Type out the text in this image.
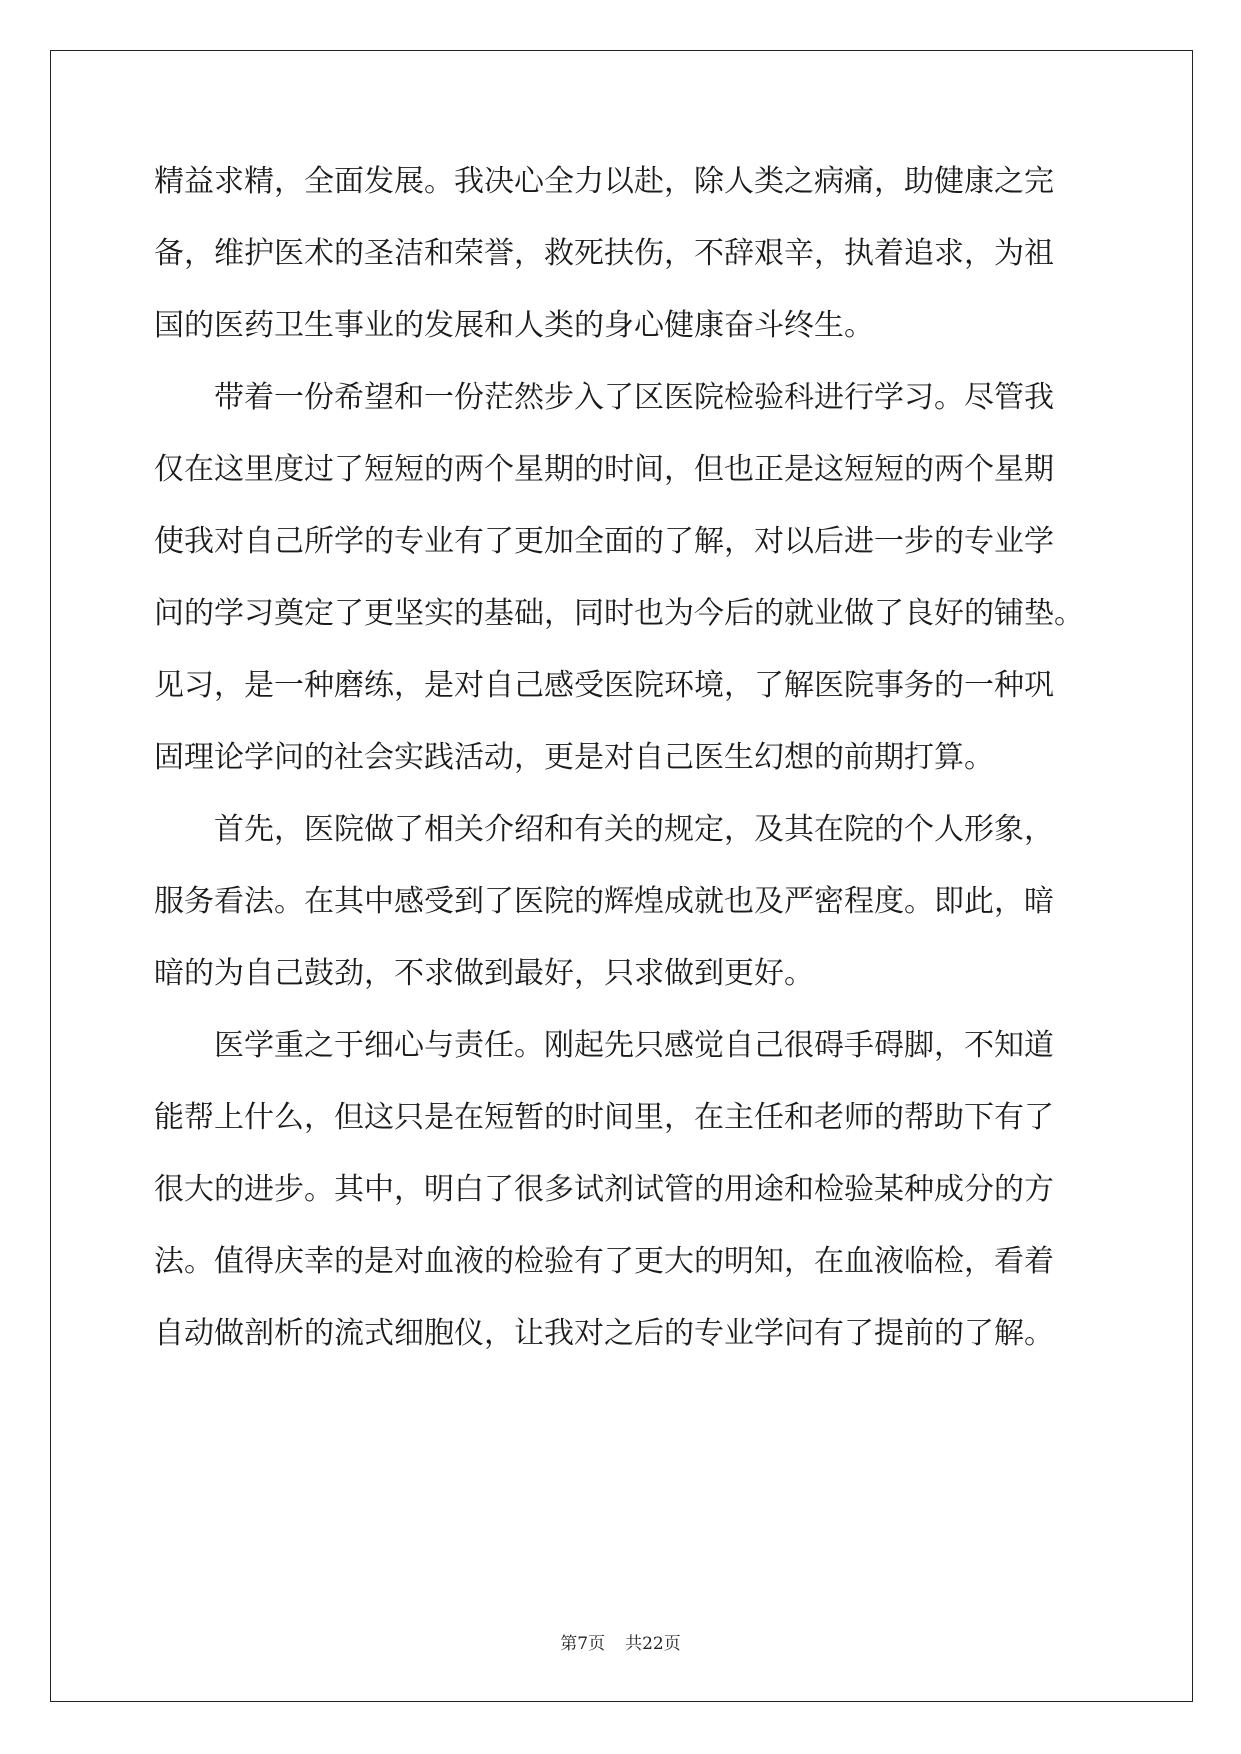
精益求精，全面发展。我决心全力以赴，除人类之病痛，助健康之完
备，维护医术的圣洁和荣誉，救死扶伤，不辞艰辛，执着追求，为祖
国的医药卫生事业的发展和人类的身心健康奋斗终生。
　　带着一份希望和一份茫然步入了区医院检验科进行学习。尽管我
仅在这里度过了短短的两个星期的时间，但也正是这短短的两个星期
使我对自己所学的专业有了更加全面的了解，对以后进一步的专业学
问的学习奠定了更坚实的基础，同时也为今后的就业做了良好的铺垫。
见习，是一种磨练，是对自己感受医院环境，了解医院事务的一种巩
固理论学问的社会实践活动，更是对自己医生幻想的前期打算。
　　首先，医院做了相关介绍和有关的规定，及其在院的个人形象，
服务看法。在其中感受到了医院的辉煌成就也及严密程度。即此，暗
暗的为自己鼓劲，不求做到最好，只求做到更好。
　　医学重之于细心与责任。刚起先只感觉自己很碍手碍脚，不知道
能帮上什么，但这只是在短暂的时间里，在主任和老师的帮助下有了
很大的进步。其中，明白了很多试剂试管的用途和检验某种成分的方
法。值得庆幸的是对血液的检验有了更大的明知，在血液临检，看着
自动做剖析的流式细胞仪，让我对之后的专业学问有了提前的了解。
第7页 共22页
